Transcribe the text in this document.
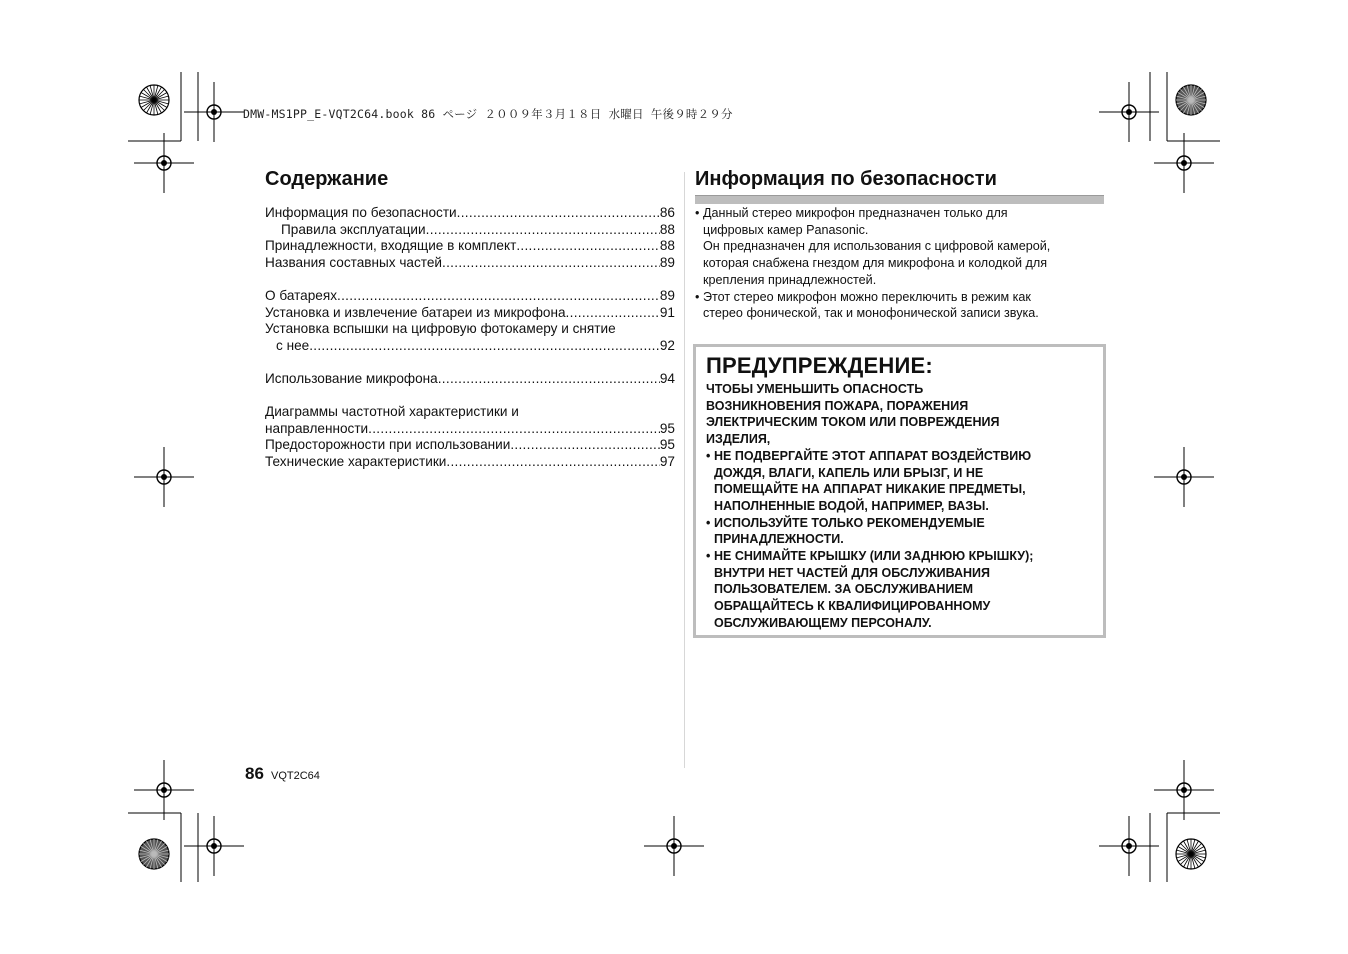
DMW-MS1PP_E-VQT2C64.book 86 ページ ２００９年３月１８日 水曜日 午後９時２９分
Содержание
Информация по безопасности .....	86
Правила эксплуатации .....	88
Принадлежности, входящие в комплект .....	88
Названия составных частей .....	89
О батареях .....	89
Установка и извлечение батареи из микрофона .....	91
Установка вспышки на цифровую фотокамеру и снятие
с нее .....	92
Использование микрофона .....	94
Диаграммы частотной характеристики и
направленности .....	95
Предосторожности при использовании .....	95
Технические характеристики .....	97
Информация по безопасности
• Данный стерео микрофон предназначен только для
цифровых камер Panasonic.
Он предназначен для использования с цифровой камерой,
которая снабжена гнездом для микрофона и колодкой для
крепления принадлежностей.
• Этот стерео микрофон можно переключить в режим как
стерео фонической, так и монофонической записи звука.
ПРЕДУПРЕЖДЕНИЕ:
ЧТОБЫ УМЕНЬШИТЬ ОПАСНОСТЬ
ВОЗНИКНОВЕНИЯ ПОЖАРА, ПОРАЖЕНИЯ
ЭЛЕКТРИЧЕСКИМ ТОКОМ ИЛИ ПОВРЕЖДЕНИЯ
ИЗДЕЛИЯ,
• НЕ ПОДВЕРГАЙТЕ ЭТОТ АППАРАТ ВОЗДЕЙСТВИЮ
ДОЖДЯ, ВЛАГИ, КАПЕЛЬ ИЛИ БРЫЗГ, И НЕ
ПОМЕЩАЙТЕ НА АППАРАТ НИКАКИЕ ПРЕДМЕТЫ,
НАПОЛНЕННЫЕ ВОДОЙ, НАПРИМЕР, ВАЗЫ.
• ИСПОЛЬЗУЙТЕ ТОЛЬКО РЕКОМЕНДУЕМЫЕ
ПРИНАДЛЕЖНОСТИ.
• НЕ СНИМАЙТЕ КРЫШКУ (ИЛИ ЗАДНЮЮ КРЫШКУ);
ВНУТРИ НЕТ ЧАСТЕЙ ДЛЯ ОБСЛУЖИВАНИЯ
ПОЛЬЗОВАТЕЛЕМ. ЗА ОБСЛУЖИВАНИЕМ
ОБРАЩАЙТЕСЬ К КВАЛИФИЦИРОВАННОМУ
ОБСЛУЖИВАЮЩЕМУ ПЕРСОНАЛУ.
86 VQT2C64
